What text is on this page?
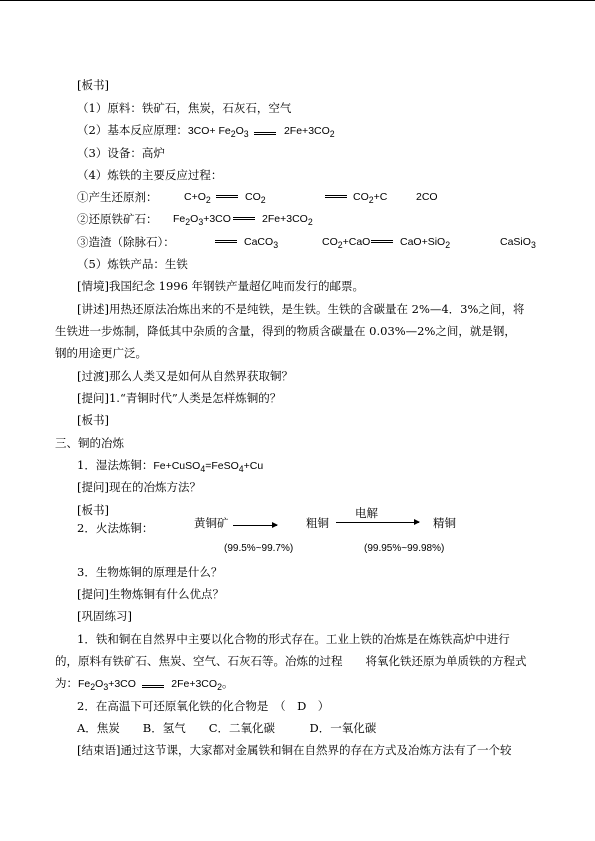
[板书]
（1）原料：铁矿石，焦炭，石灰石，空气
（2）基本反应原理：$3CO+ Fe_2O_3$	$2Fe+3CO_2$
（3）设备：高炉
（4）炼铁的主要反应过程：
①产生还原剂：	$C+O_2$	$CO_2$	$CO_2+C$	2CO
②还原铁矿石： $Fe_2O_3+3CO$	$2Fe+3CO_2$
③造渣（除脉石）：	CaCO$_3$	$CO_2+CaO$	CaO+SiO$_2$	CaSiO$_3$
（5）炼铁产品：生铁
[情境]我国纪念 1996 年钢铁产量超亿吨而发行的邮票。
[讲述]用热还原法冶炼出来的不是纯铁，是生铁。生铁的含碳量在 2%—4．3%之间，将
生铁进一步炼制，降低其中杂质的含量，得到的物质含碳量在 0.03%—2%之间，就是钢，
钢的用途更广泛。
[过渡]那么人类又是如何从自然界获取铜？
[提问]1.“青铜时代”人类是怎样炼铜的？
[板书]
三、铜的冶炼
1．湿法炼铜：Fe+CuSO$_4$=FeSO$_4$+Cu
[提问]现在的冶炼方法？
[板书]
2．火法炼铜：	黄铜矿	粗铜
电解
精铜
(99.5%~99.7%)	(99.95%~99.98%)
3．生物炼铜的原理是什么？
[提问]生物炼铜有什么优点？
[巩固练习]
1．铁和铜在自然界中主要以化合物的形式存在。工业上铁的冶炼是在炼铁高炉中进行
的，原料有铁矿石、焦炭、空气、石灰石等。冶炼的过程　　将氧化铁还原为单质铁的方程式
为：$Fe_2O_3+3CO$	$2Fe+3CO_2$。
2．在高温下可还原氧化铁的化合物是　（　D　）
A．焦炭　　B．氢气　　C．二氧化碳　　　D．一氧化碳
[结束语]通过这节课，大家都对金属铁和铜在自然界的存在方式及冶炼方法有了一个较
